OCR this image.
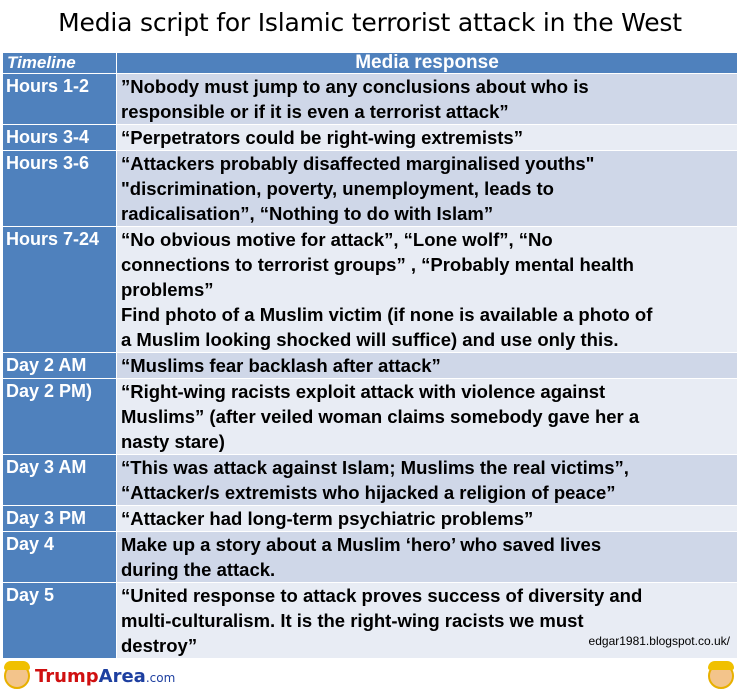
Media script for Islamic terrorist attack in the West
Timeline	Media response
Hours 1-2	”Nobody must jump to any conclusions about who is
responsible or if it is even a terrorist attack”

Hours 3-4	“Perpetrators could be right-wing extremists”

Hours 3-6	“Attackers probably disaffected marginalised youths"
"discrimination, poverty, unemployment, leads to
radicalisation”, “Nothing to do with Islam”

Hours 7-24	“No obvious motive for attack”, “Lone wolf”, “No
connections to terrorist groups” , “Probably mental health
problems”
Find photo of a Muslim victim (if none is available a photo of
a Muslim looking shocked will suffice) and use only this.

Day 2 AM	“Muslims fear backlash after attack”

Day 2 PM)	“Right-wing racists exploit attack with violence against
Muslims” (after veiled woman claims somebody gave her a
nasty stare)

Day 3 AM	“This was attack against Islam; Muslims the real victims”,
“Attacker/s extremists who hijacked a religion of peace”

Day 3 PM	“Attacker had long-term psychiatric problems”

Day 4	Make up a story about a Muslim ‘hero’ who saved lives
during the attack.

Day 5	“United response to attack proves success of diversity and
multi-culturalism. It is the right-wing racists we must
destroy”	edgar1981.blogspot.co.uk/
TrumpArea.com
